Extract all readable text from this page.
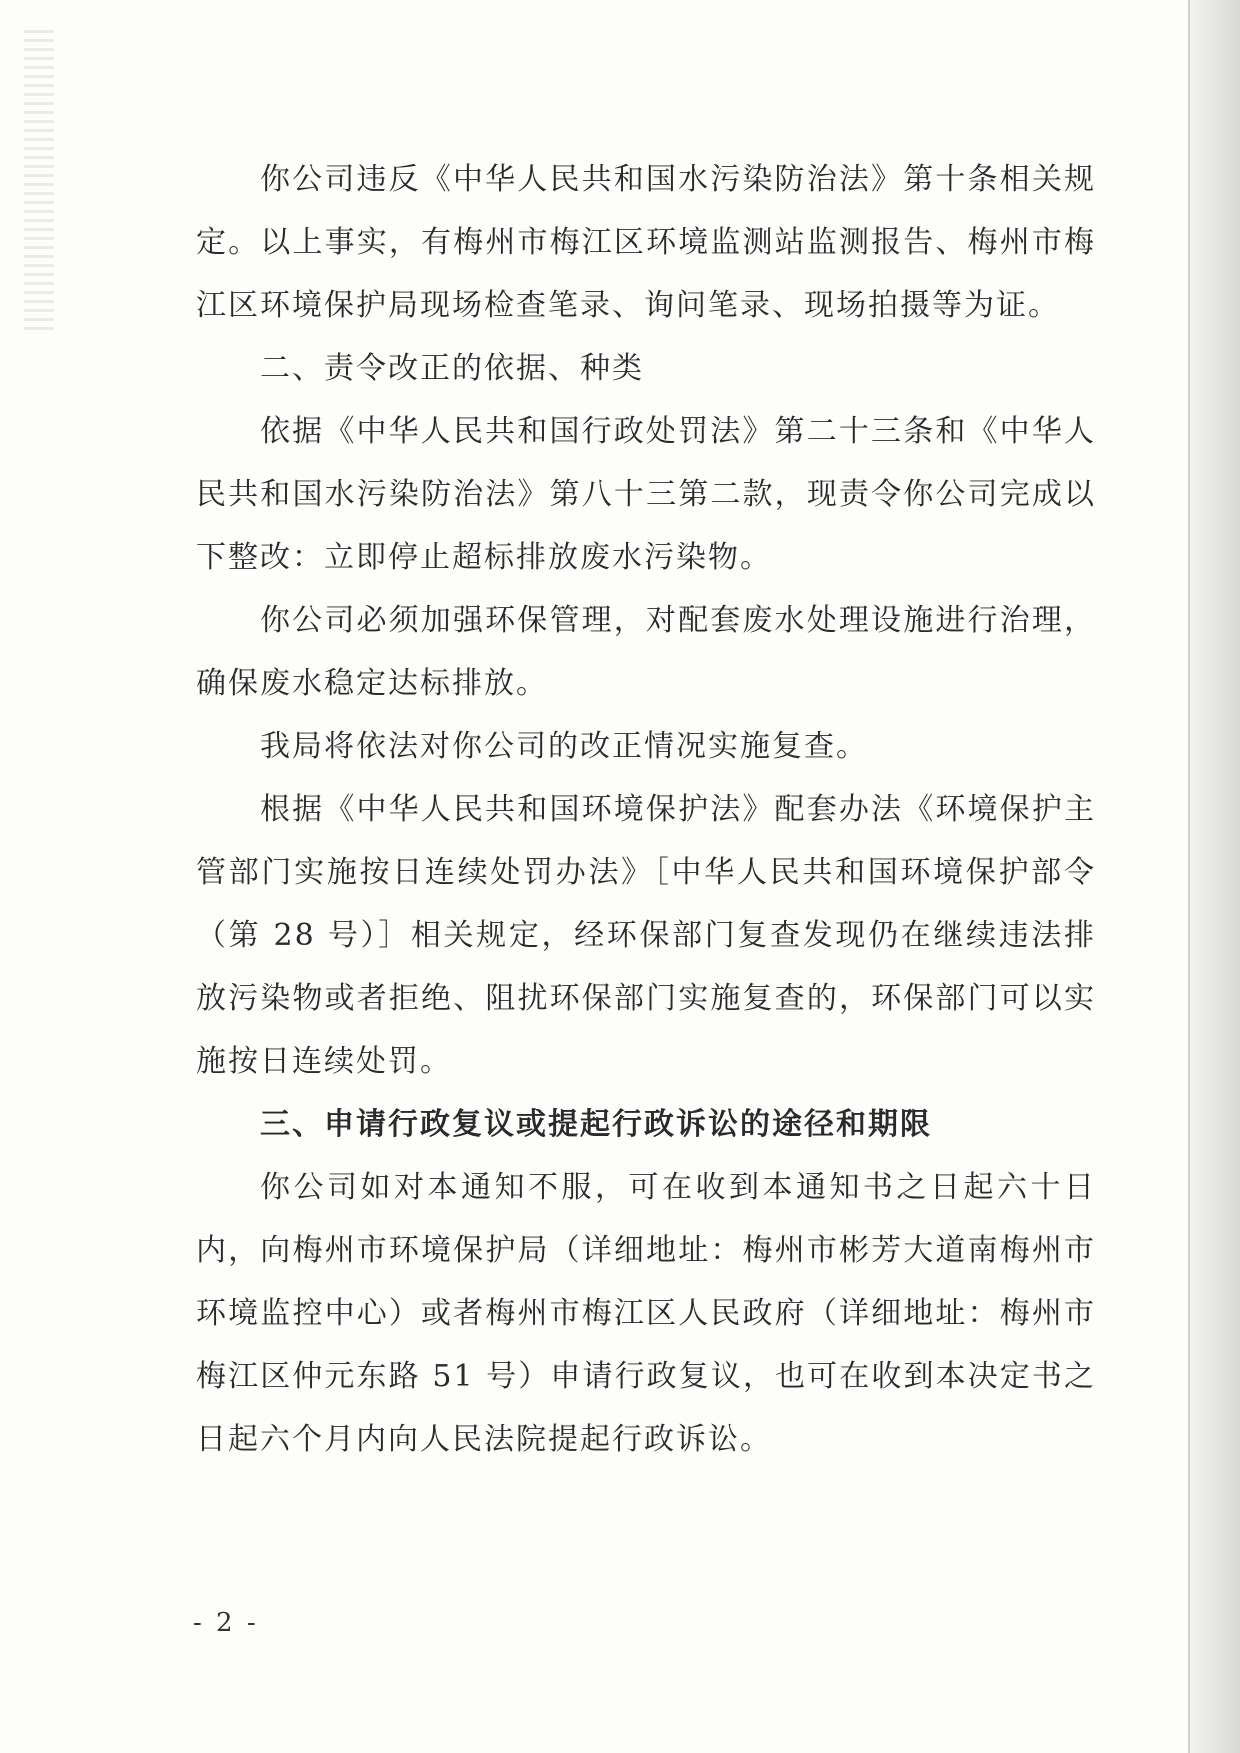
你公司违反《中华人民共和国水污染防治法》第十条相关规定。以上事实，有梅州市梅江区环境监测站监测报告、梅州市梅江区环境保护局现场检查笔录、询问笔录、现场拍摄等为证。

二、责令改正的依据、种类

依据《中华人民共和国行政处罚法》第二十三条和《中华人民共和国水污染防治法》第八十三第二款，现责令你公司完成以下整改：立即停止超标排放废水污染物。

你公司必须加强环保管理，对配套废水处理设施进行治理，确保废水稳定达标排放。

我局将依法对你公司的改正情况实施复查。

根据《中华人民共和国环境保护法》配套办法《环境保护主管部门实施按日连续处罚办法》［中华人民共和国环境保护部令（第 28 号）］相关规定，经环保部门复查发现仍在继续违法排放污染物或者拒绝、阻扰环保部门实施复查的，环保部门可以实施按日连续处罚。

三、申请行政复议或提起行政诉讼的途径和期限

你公司如对本通知不服，可在收到本通知书之日起六十日内，向梅州市环境保护局（详细地址：梅州市彬芳大道南梅州市环境监控中心）或者梅州市梅江区人民政府（详细地址：梅州市梅江区仲元东路 51 号）申请行政复议，也可在收到本决定书之日起六个月内向人民法院提起行政诉讼。

- 2 -
